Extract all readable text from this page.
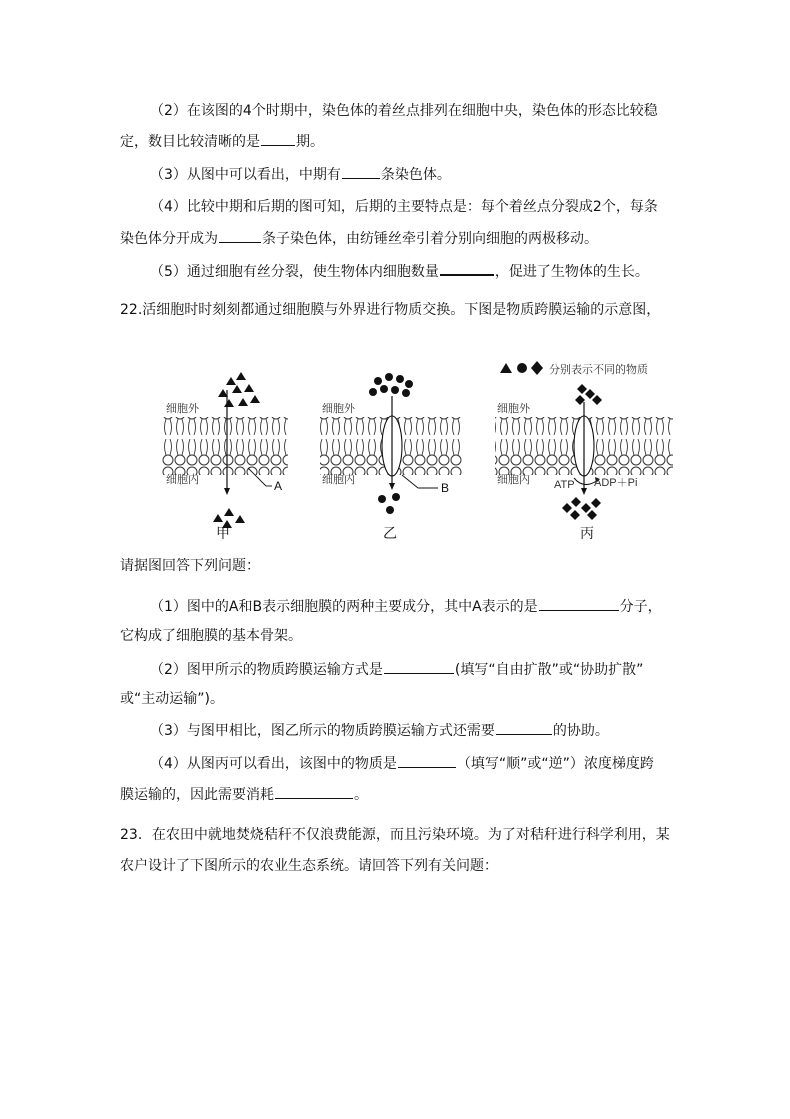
（2）在该图的4个时期中，染色体的着丝点排列在细胞中央，染色体的形态比较稳
定，数目比较清晰的是	期。
（3）从图中可以看出，中期有	条染色体。
（4）比较中期和后期的图可知，后期的主要特点是：每个着丝点分裂成2个，每条
染色体分开成为	条子染色体，由纺锤丝牵引着分别向细胞的两极移动。
（5）通过细胞有丝分裂，使生物体内细胞数量	，促进了生物体的生长。
22.活细胞时时刻刻都通过细胞膜与外界进行物质交换。下图是物质跨膜运输的示意图，
分别表示不同的物质
细胞外
细胞内	A
甲
细胞外
细胞内
B
乙
细胞外
细胞内 ATP ADP＋Pi
丙
请据图回答下列问题：
（1）图中的A和B表示细胞膜的两种主要成分，其中A表示的是	分子，
它构成了细胞膜的基本骨架。
（2）图甲所示的物质跨膜运输方式是	(填写“自由扩散”或“协助扩散”
或“主动运输”)。
（3）与图甲相比，图乙所示的物质跨膜运输方式还需要	的协助。
（4）从图丙可以看出，该图中的物质是	（填写“顺”或“逆”）浓度梯度跨
膜运输的，因此需要消耗	。
23．在农田中就地焚烧秸秆不仅浪费能源，而且污染环境。为了对秸秆进行科学利用，某
农户设计了下图所示的农业生态系统。请回答下列有关问题：
